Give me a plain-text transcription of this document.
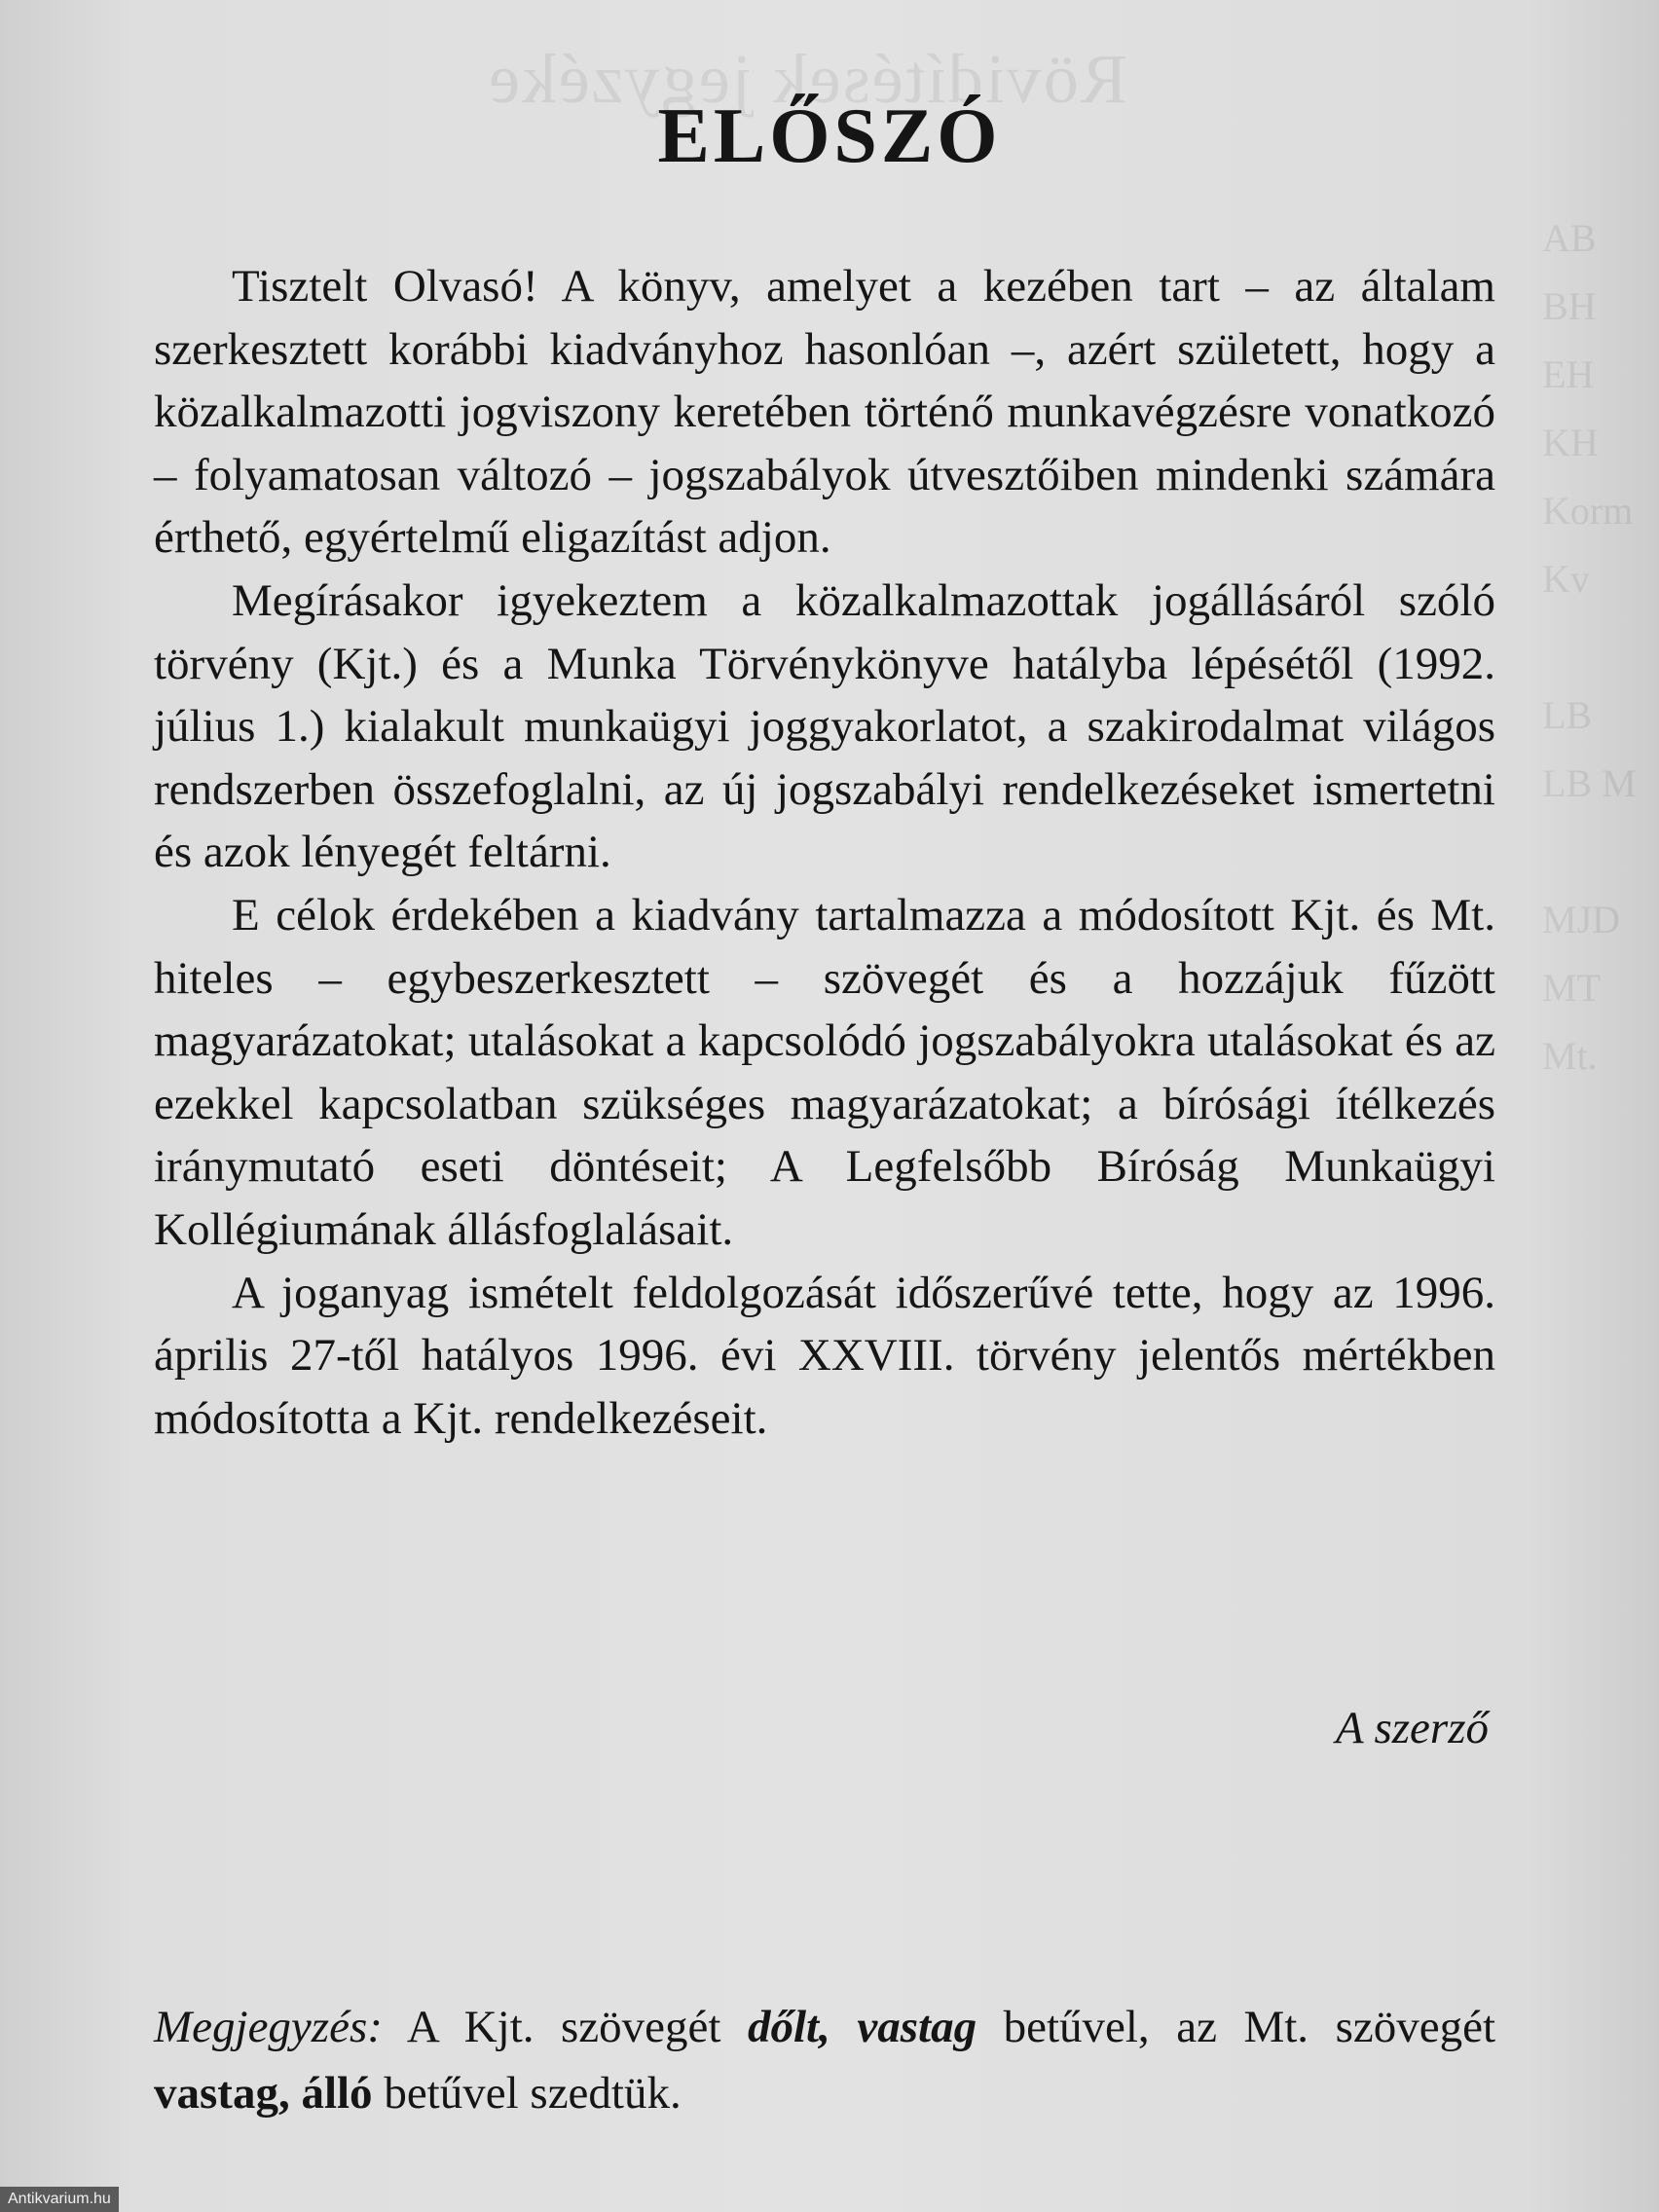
Rövidítések jegyzéke
AB
BH
EH
KH
Korm
Kv

LB
LB M

MJD
MT
Mt.
ELŐSZÓ

Tisztelt Olvasó! A könyv, amelyet a kezében tart – az általam szerkesztett korábbi kiadványhoz hasonlóan –, azért született, hogy a közalkalmazotti jogviszony keretében történő munkavégzésre vonatkozó – folyamatosan változó – jogszabályok útvesztőiben mindenki számára érthető, egyértelmű eligazítást adjon.

Megírásakor igyekeztem a közalkalmazottak jogállásáról szóló törvény (Kjt.) és a Munka Törvénykönyve hatályba lépésétől (1992. július 1.) kialakult munkaügyi joggyakorlatot, a szakirodalmat világos rendszerben összefoglalni, az új jogszabályi rendelkezéseket ismertetni és azok lényegét feltárni.

E célok érdekében a kiadvány tartalmazza a módosított Kjt. és Mt. hiteles – egybeszerkesztett – szövegét és a hozzájuk fűzött magyarázatokat; utalásokat a kapcsolódó jogszabályokra utalásokat és az ezekkel kapcsolatban szükséges magyarázatokat; a bírósági ítélkezés iránymutató eseti döntéseit; A Legfelsőbb Bíróság Munkaügyi Kollégiumának állásfoglalásait.

A joganyag ismételt feldolgozását időszerűvé tette, hogy az 1996. április 27-től hatályos 1996. évi XXVIII. törvény jelentős mértékben módosította a Kjt. rendelkezéseit.

A szerző
Megjegyzés: A Kjt. szövegét dőlt, vastag betűvel, az Mt. szövegét vastag, álló betűvel szedtük.
Antikvarium.hu
